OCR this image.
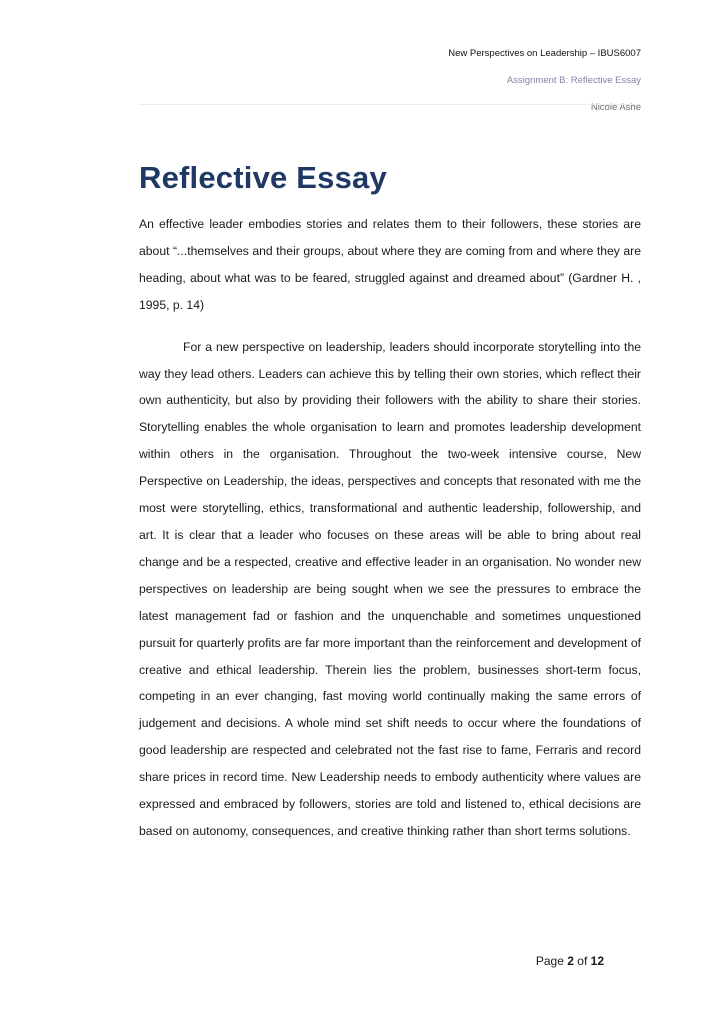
New Perspectives on Leadership – IBUS6007
Assignment B: Reflective Essay
Nicole Ashe
Reflective Essay

An effective leader embodies stories and relates them to their followers, these stories are about “...themselves and their groups, about where they are coming from and where they are heading, about what was to be feared, struggled against and dreamed about” (Gardner H. , 1995, p. 14)

For a new perspective on leadership, leaders should incorporate storytelling into the way they lead others. Leaders can achieve this by telling their own stories, which reflect their own authenticity, but also by providing their followers with the ability to share their stories. Storytelling enables the whole organisation to learn and promotes leadership development within others in the organisation. Throughout the two-week intensive course, New Perspective on Leadership, the ideas, perspectives and concepts that resonated with me the most were storytelling, ethics, transformational and authentic leadership, followership, and art. It is clear that a leader who focuses on these areas will be able to bring about real change and be a respected, creative and effective leader in an organisation. No wonder new perspectives on leadership are being sought when we see the pressures to embrace the latest management fad or fashion and the unquenchable and sometimes unquestioned pursuit for quarterly profits are far more important than the reinforcement and development of creative and ethical leadership. Therein lies the problem, businesses short-term focus, competing in an ever changing, fast moving world continually making the same errors of judgement and decisions. A whole mind set shift needs to occur where the foundations of good leadership are respected and celebrated not the fast rise to fame, Ferraris and record share prices in record time. New Leadership needs to embody authenticity where values are expressed and embraced by followers, stories are told and listened to, ethical decisions are based on autonomy, consequences, and creative thinking rather than short terms solutions.

Page 2 of 12
